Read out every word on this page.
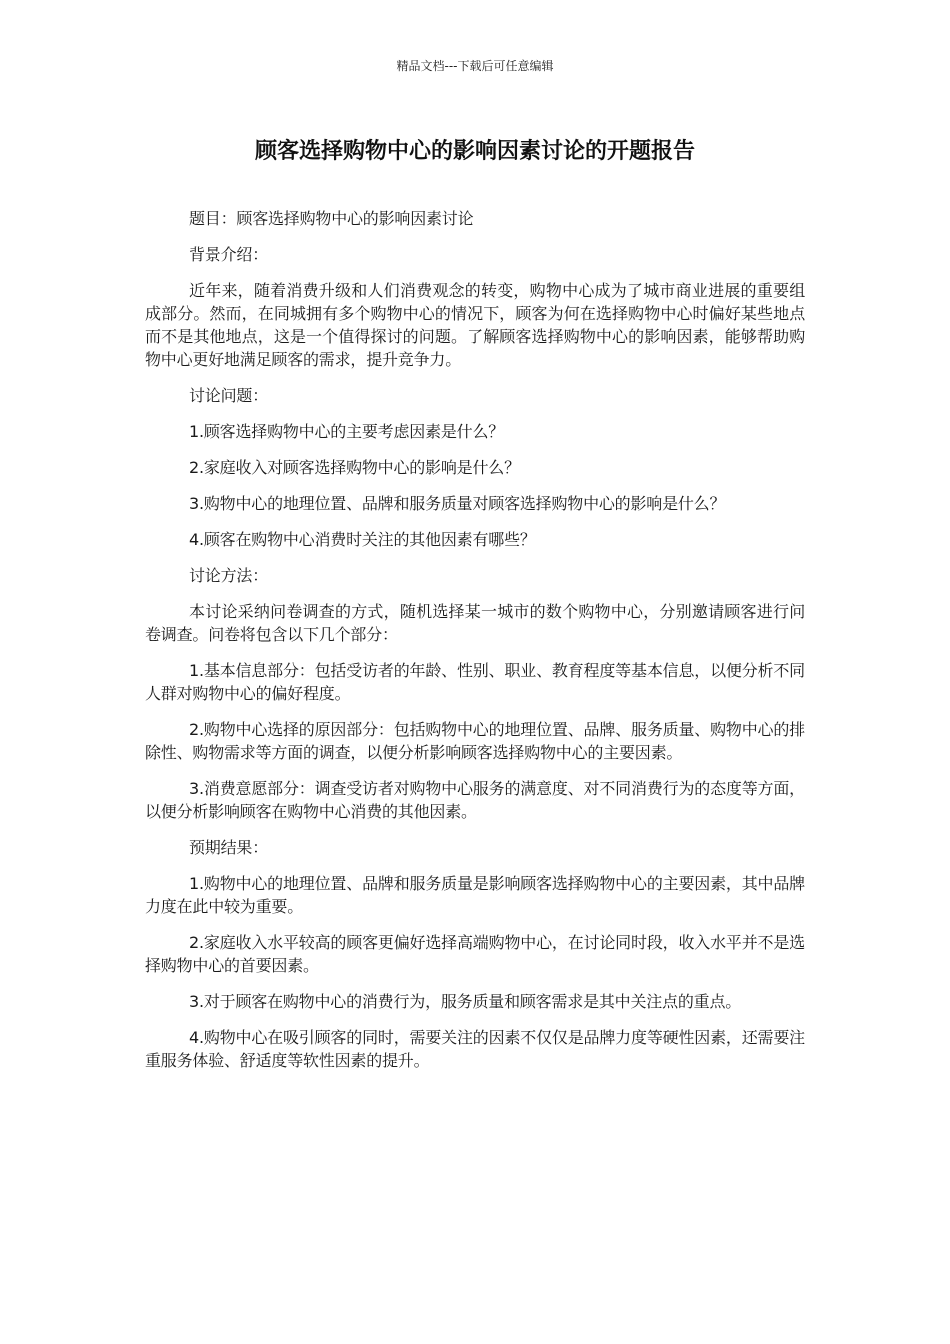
精品文档---下载后可任意编辑
顾客选择购物中心的影响因素讨论的开题报告

题目：顾客选择购物中心的影响因素讨论

背景介绍：

近年来，随着消费升级和人们消费观念的转变，购物中心成为了城市商业进展的重要组成部分。然而，在同城拥有多个购物中心的情况下，顾客为何在选择购物中心时偏好某些地点而不是其他地点，这是一个值得探讨的问题。了解顾客选择购物中心的影响因素，能够帮助购物中心更好地满足顾客的需求，提升竞争力。

讨论问题：

1.顾客选择购物中心的主要考虑因素是什么？

2.家庭收入对顾客选择购物中心的影响是什么？

3.购物中心的地理位置、品牌和服务质量对顾客选择购物中心的影响是什么？

4.顾客在购物中心消费时关注的其他因素有哪些？

讨论方法：

本讨论采纳问卷调查的方式，随机选择某一城市的数个购物中心，分别邀请顾客进行问卷调查。问卷将包含以下几个部分：

1.基本信息部分：包括受访者的年龄、性别、职业、教育程度等基本信息，以便分析不同人群对购物中心的偏好程度。

2.购物中心选择的原因部分：包括购物中心的地理位置、品牌、服务质量、购物中心的排除性、购物需求等方面的调查，以便分析影响顾客选择购物中心的主要因素。

3.消费意愿部分：调查受访者对购物中心服务的满意度、对不同消费行为的态度等方面，以便分析影响顾客在购物中心消费的其他因素。

预期结果：

1.购物中心的地理位置、品牌和服务质量是影响顾客选择购物中心的主要因素，其中品牌力度在此中较为重要。

2.家庭收入水平较高的顾客更偏好选择高端购物中心，在讨论同时段，收入水平并不是选择购物中心的首要因素。

3.对于顾客在购物中心的消费行为，服务质量和顾客需求是其中关注点的重点。

4.购物中心在吸引顾客的同时，需要关注的因素不仅仅是品牌力度等硬性因素，还需要注重服务体验、舒适度等软性因素的提升。
